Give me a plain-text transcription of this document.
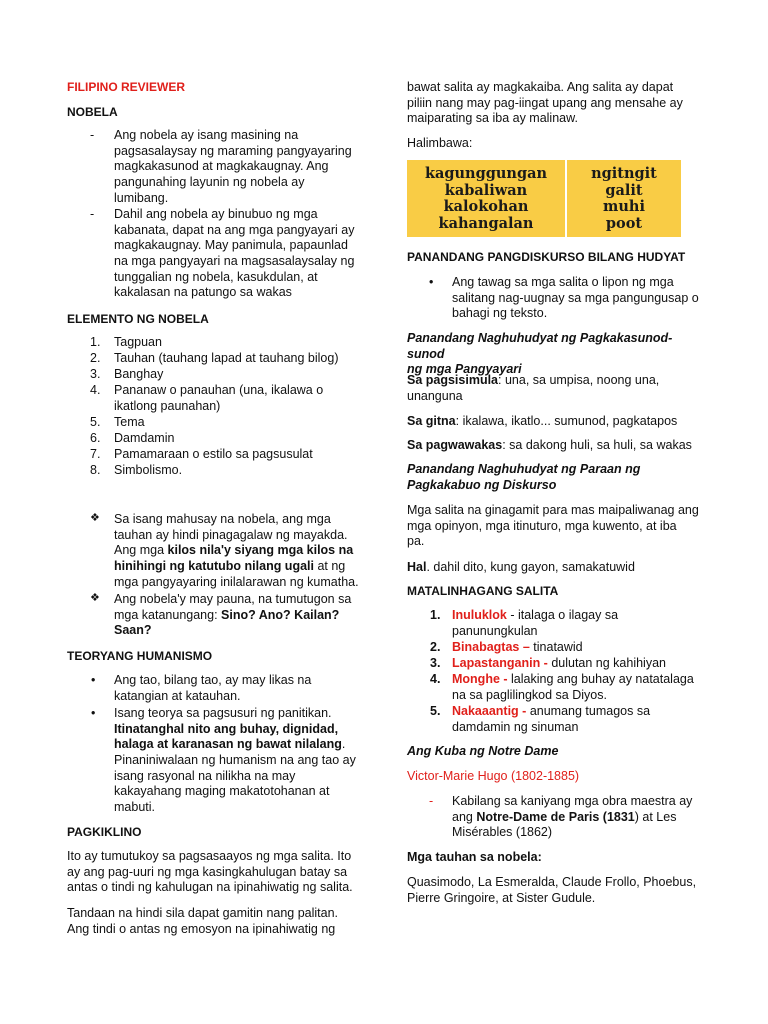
FILIPINO REVIEWER
NOBELA
- Ang nobela ay isang masining na
pagsasalaysay ng maraming pangyayaring
magkakasunod at magkakaugnay. Ang
pangunahing layunin ng nobela ay
lumibang.
- Dahil ang nobela ay binubuo ng mga
kabanata, dapat na ang mga pangyayari ay
magkakaugnay. May panimula, papaunlad
na mga pangyayari na magsasalaysalay ng
tunggalian ng nobela, kasukdulan, at
kakalasan na patungo sa wakas
ELEMENTO NG NOBELA
1.
2.
3.
4.
5.
6.
7.
8.
Tagpuan
Tauhan (tauhang lapad at tauhang bilog)
Banghay
Pananaw o panauhan (una, ikalawa o
ikatlong paunahan)
Tema
Damdamin
Pamamaraan o estilo sa pagsusulat
Simbolismo.
❖ Sa isang mahusay na nobela, ang mga
tauhan ay hindi pinagagalaw ng mayakda.
Ang mga kilos nila'y siyang mga kilos na
hinihingi ng katutubo nilang ugali at ng
mga pangyayaring inilalarawan ng kumatha.
❖ Ang nobela'y may pauna, na tumutugon sa
mga katanungang: Sino? Ano? Kailan?
Saan?
TEORYANG HUMANISMO
• Ang tao, bilang tao, ay may likas na
katangian at katauhan.
• Isang teorya sa pagsusuri ng panitikan.
Itinatanghal nito ang buhay, dignidad,
halaga at karanasan ng bawat nilalang.
Pinaniniwalaan ng humanism na ang tao ay
isang rasyonal na nilikha na may
kakayahang maging makatotohanan at
mabuti.
PAGKIKLINO
Ito ay tumutukoy sa pagsasaayos ng mga salita. Ito
ay ang pag-uuri ng mga kasingkahulugan batay sa
antas o tindi ng kahulugan na ipinahiwatig ng salita.
Tandaan na hindi sila dapat gamitin nang palitan.
Ang tindi o antas ng emosyon na ipinahiwatig ng
bawat salita ay magkakaiba. Ang salita ay dapat
piliin nang may pag-iingat upang ang mensahe ay
maiparating sa iba ay malinaw.
Halimbawa:
kagunggungan
kabaliwan
kalokohan
kahangalan
ngitngit
galit
muhi
poot
PANANDANG PANGDISKURSO BILANG HUDYAT
• Ang tawag sa mga salita o lipon ng mga
salitang nag-uugnay sa mga pangungusap o
bahagi ng teksto.
Panandang Naghuhudyat ng Pagkakasunod-sunod
ng mga Pangyayari
Sa pagsisimula: una, sa umpisa, noong una,
unanguna
Sa gitna: ikalawa, ikatlo... sumunod, pagkatapos
Sa pagwawakas: sa dakong huli, sa huli, sa wakas
Panandang Naghuhudyat ng Paraan ng
Pagkakabuo ng Diskurso
Mga salita na ginagamit para mas maipaliwanag ang
mga opinyon, mga itinuturo, mga kuwento, at iba
pa.
Hal. dahil dito, kung gayon, samakatuwid
MATALINHAGANG SALITA
1. Inuluklok - italaga o ilagay sa
panunungkulan
2. Binabagtas – tinatawid
3. Lapastanganin - dulutan ng kahihiyan
4. Monghe - lalaking ang buhay ay natatalaga
na sa paglilingkod sa Diyos.
5. Nakaaantig - anumang tumagos sa
damdamin ng sinuman
Ang Kuba ng Notre Dame
Victor-Marie Hugo (1802-1885)
- Kabilang sa kaniyang mga obra maestra ay
ang Notre-Dame de Paris (1831) at Les
Misérables (1862)
Mga tauhan sa nobela:
Quasimodo, La Esmeralda, Claude Frollo, Phoebus,
Pierre Gringoire, at Sister Gudule.
